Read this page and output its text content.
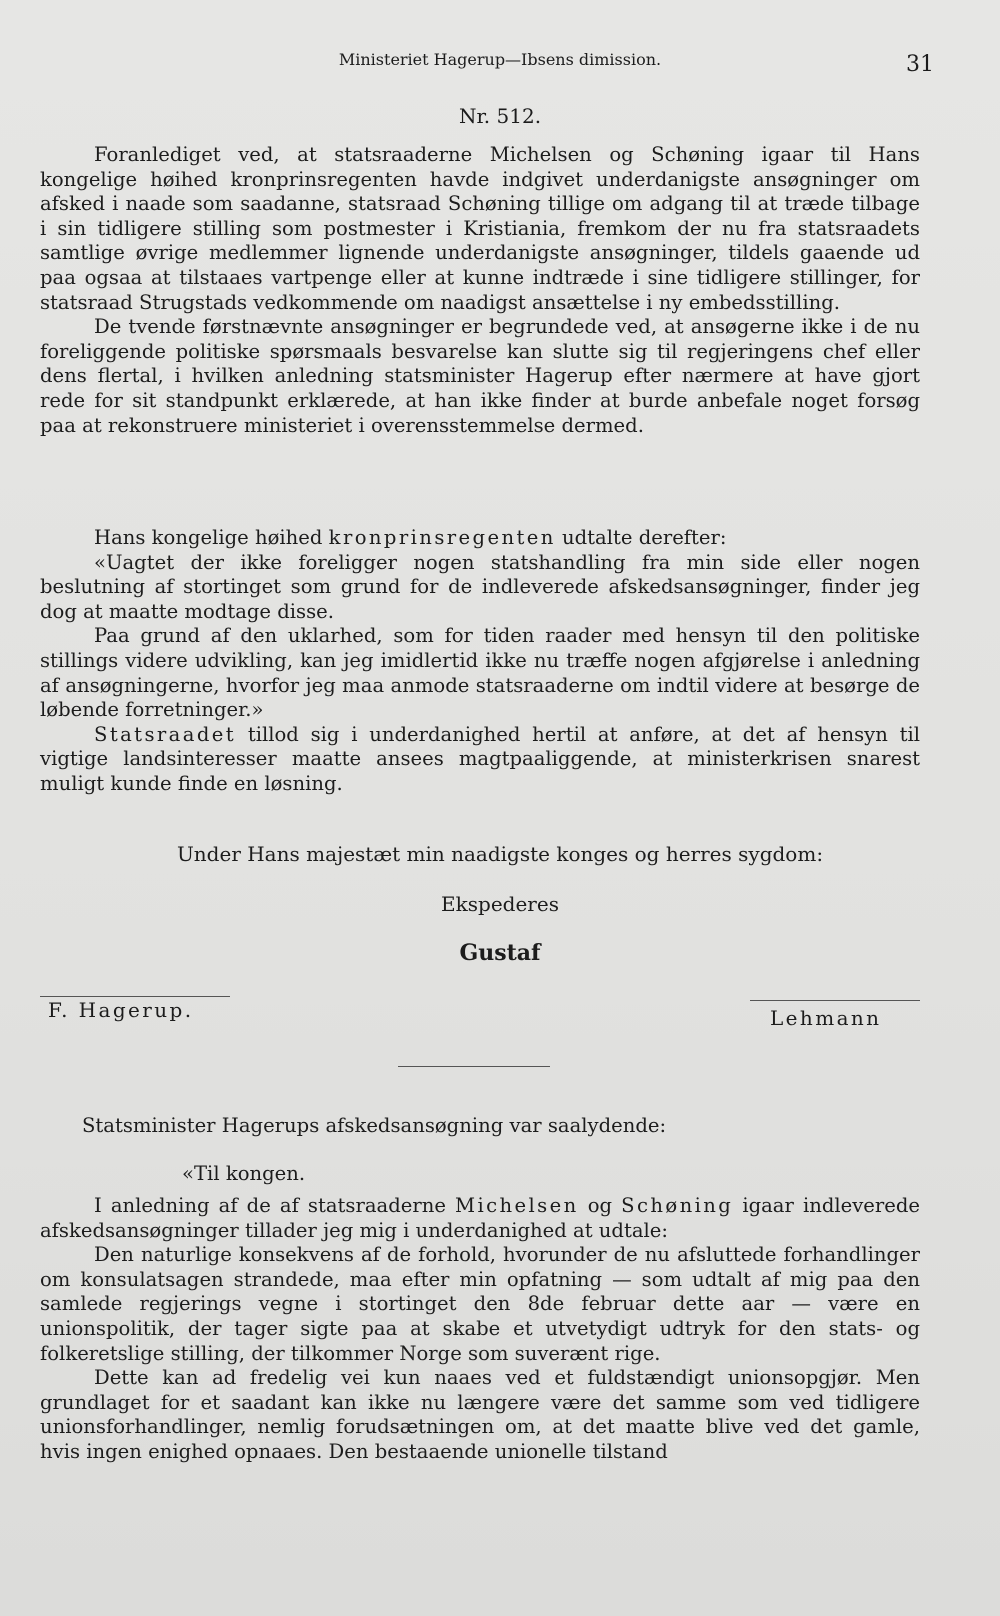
Ministeriet Hagerup—Ibsens dimission.	31
Nr. 512.

Foranlediget ved, at statsraaderne Michelsen og Schøning igaar til Hans kongelige høihed kronprinsregenten havde indgivet underdanigste ansøgninger om afsked i naade som saadanne, statsraad Schøning tillige om adgang til at træde tilbage i sin tidligere stilling som postmester i Kristiania, fremkom der nu fra statsraadets samtlige øvrige medlemmer lignende underdanigste ansøgninger, tildels gaaende ud paa ogsaa at tilstaaes vartpenge eller at kunne indtræde i sine tidligere stillinger, for statsraad Strugstads vedkommende om naadigst ansættelse i ny embedsstilling.

De tvende førstnævnte ansøgninger er begrundede ved, at ansøgerne ikke i de nu foreliggende politiske spørsmaals besvarelse kan slutte sig til regjeringens chef eller dens flertal, i hvilken anledning statsminister Hagerup efter nærmere at have gjort rede for sit standpunkt erklærede, at han ikke finder at burde anbefale noget forsøg paa at rekonstruere ministeriet i overensstemmelse dermed.

Hans kongelige høihed kronprinsregenten udtalte derefter:

«Uagtet der ikke foreligger nogen statshandling fra min side eller nogen beslutning af stortinget som grund for de indleverede afskedsansøgninger, finder jeg dog at maatte modtage disse.

Paa grund af den uklarhed, som for tiden raader med hensyn til den politiske stillings videre udvikling, kan jeg imidlertid ikke nu træffe nogen afgjørelse i anledning af ansøgningerne, hvorfor jeg maa anmode statsraaderne om indtil videre at besørge de løbende forretninger.»

Statsraadet tillod sig i underdanighed hertil at anføre, at det af hensyn til vigtige landsinteresser maatte ansees magtpaaliggende, at ministerkrisen snarest muligt kunde finde en løsning.

Under Hans majestæt min naadigste konges og herres sygdom:
Ekspederes
Gustaf
F. Hagerup.	Lehmann

Statsminister Hagerups afskedsansøgning var saalydende:

«Til kongen.

I anledning af de af statsraaderne Michelsen og Schøning igaar indleverede afskedsansøgninger tillader jeg mig i underdanighed at udtale:

Den naturlige konsekvens af de forhold, hvorunder de nu afsluttede forhandlinger om konsulatsagen strandede, maa efter min opfatning — som udtalt af mig paa den samlede regjerings vegne i stortinget den 8de februar dette aar — være en unionspolitik, der tager sigte paa at skabe et utvetydigt udtryk for den stats- og folkeretslige stilling, der tilkommer Norge som suverænt rige.

Dette kan ad fredelig vei kun naaes ved et fuldstændigt unionsopgjør. Men grundlaget for et saadant kan ikke nu længere være det samme som ved tidligere unionsforhandlinger, nemlig forudsætningen om, at det maatte blive ved det gamle, hvis ingen enighed opnaaes. Den bestaaende unionelle tilstand
